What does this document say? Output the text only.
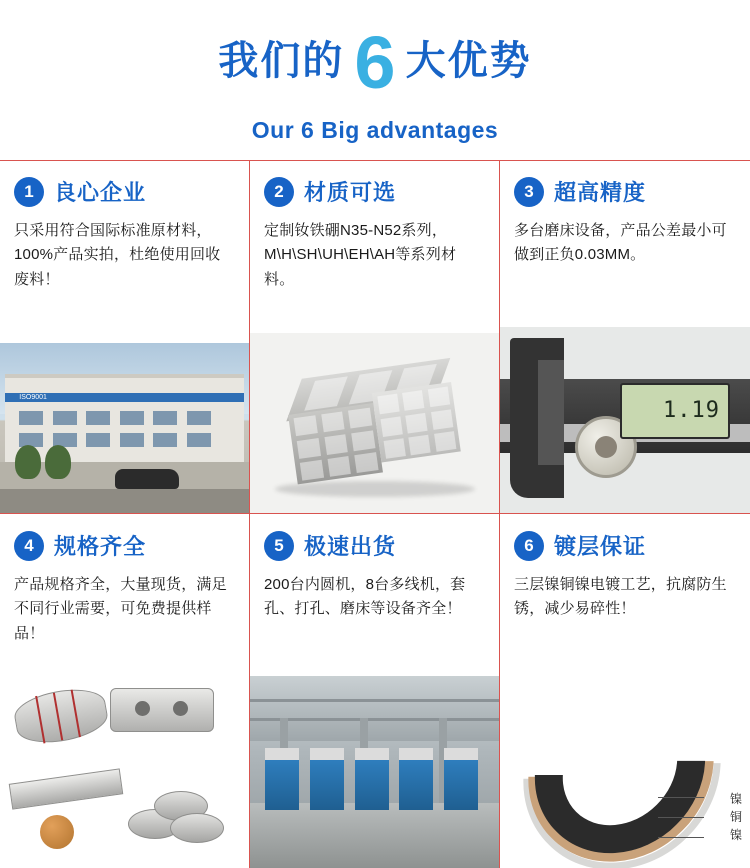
我们的 6 大优势
Our 6 Big advantages
1 良心企业
只采用符合国际标准原材料，100%产品实拍，杜绝使用回收废料！
ISO9001
2 材质可选
定制钕铁硼N35-N52系列，M\H\SH\UH\EH\AH等系列材料。
3 超高精度
多台磨床设备，产品公差最小可做到正负0.03MM。
1.19
4 规格齐全
产品规格齐全，大量现货，满足不同行业需要，可免费提供样品！
5 极速出货
200台内圆机，8台多线机，套孔、打孔、磨床等设备齐全！
6 镀层保证
三层镍铜镍电镀工艺，抗腐防生锈，减少易碎性！
镍
铜
镍
